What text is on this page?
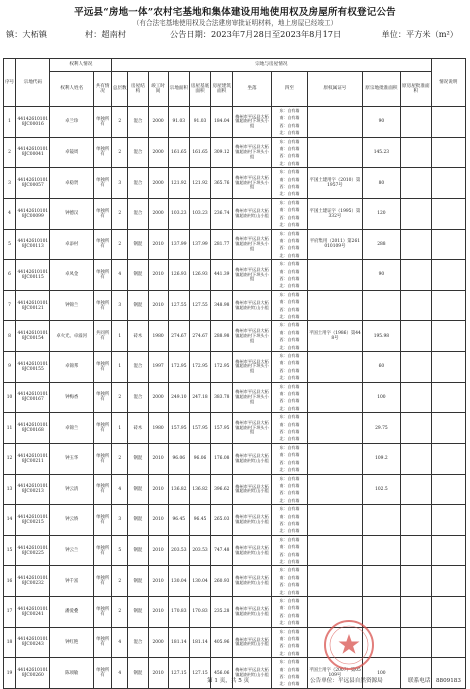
平远县“房地一体”农村宅基地和集体建设用地使用权及房屋所有权登记公告
（有合法宅基地使用权及合法建房审批证明材料，地上房屋已经竣工）
镇：大柘镇	村：超南村	公告日期：2023年7月28日至2023年8月17日	单位：平方米（m²）
序号	宗地代码	权利人情况		宗地与房屋情况											情况说明
		权利人姓名	共有情况	总层数	房屋结构	竣工时间	宗地面积	房屋基底面积	房屋建筑面积	坐落	四至	原权属证号	原宗地批准面积	原房屋批准面积	
1	441426101018JC00016	卓兰珍	单独所有	2	混合	2000	91.03	91.03	184.04	梅州市平远县大柘镇超南村下坝头小组	东：自有墙
南：自有墙
西：自有墙
北：自有墙		90		
2	441426101018JC00041	卓镜周	单独所有	2	混合	2000	161.65	161.65	309.12	梅州市平远县大柘镇超南村下坝头小组	东：自有墙
南：自有墙
西：自有墙
北：自有墙		145.23		
3	441426101018JC00057	卓稳贤	单独所有	3	混合	2000	121.92	121.92	365.76	梅州市平远县大柘镇超南村下坝头小组	东：自有墙
南：自有墙
西：自有墙
北：自有墙	平国土建用字（2010）第1957号	80		
4	441426101018JC00099	钟德汉	单独所有	2	混合	2000	103.23	103.23	236.74	梅州市平远县大柘镇超南村红山小组	东：自有墙
南：自有墙
西：自有墙
北：自有墙	平国土建证字（1995）第332号	120		
5	441426101018JC00113	卓添村	单独所有	2	钢混	2010	137.99	137.99	281.77	梅州市平远县大柘镇超南村下坝头小组	东：自有墙
南：自有墙
西：自有墙
北：自有墙	平府集用（2011）第261010109号	288		
6	441426101018JC00115	卓凤金	单独所有	4	钢混	2010	126.93	126.93	441.39	梅州市平远县大柘镇超南村下坝头小组	东：自有墙
南：自有墙
西：自有墙
北：自有墙		90		
7	441426101018JC00121	钟锦兰	单独所有	3	钢混	2010	127.55	127.55	348.98	梅州市平远县大柘镇超南村红山小组	东：自有墙
南：自有墙
西：自有墙
北：自有墙				

8	441426101018JC00154	卓火光、卓溢河	共同所有	1	砖木	1980	274.67	274.67	288.98	梅州市平远县大柘镇超南村下坝头小组	东：自有墙
南：自有墙
西：自有墙
北：自有墙	平国土用字（1986）第448号	195.98		
9	441426101018JC00155	卓锦邦	单独所有	1	混合	1997	172.95	172.95	172.95	梅州市平远县大柘镇超南村下坝头小组	东：自有墙
南：自有墙
西：自有墙
北：自有墙		60		
10	441426101018JC00167	钟梅香	单独所有	2	混合	2000	249.10	247.18	383.78	梅州市平远县大柘镇超南村下坝头小组	东：自有墙
南：自有墙
西：自有墙
北：自有墙		100		
11	441426101018JC00168	卓锦兰	单独所有	1	砖木	1980	157.95	157.95	157.95	梅州市平远县大柘镇超南村下坝头小组	东：自有墙
南：自有墙
西：自有墙
北：自有墙		29.75		
12	441426101018JC00211	钟玉华	单独所有	2	钢混	2010	96.06	96.06	176.08	梅州市平远县大柘镇超南村红山小组	东：自有墙
南：自有墙
西：自有墙
北：自有墙		109.2		
13	441426101018JC00213	钟云清	单独所有	4	钢混	2010	136.82	136.82	396.62	梅州市平远县大柘镇超南村红山小组	东：自有墙
南：自有墙
西：自有墙
北：自有墙		102.5		
14	441426101018JC00215	钟云娇	单独所有	3	钢混	2010	96.45	96.45	265.03	梅州市平远县大柘镇超南村红山小组	东：自有墙
南：自有墙
西：自有墙
北：自有墙				

15	441426101018JC00225	钟云兰	单独所有	5	钢混	2010	203.53	203.53	747.48	梅州市平远县大柘镇超南村红山小组	东：自有墙
南：自有墙
西：自有墙
北：自有墙				

16	441426101018JC00232	钟千富	单独所有	2	钢混	2010	130.04	130.04	260.93	梅州市平远县大柘镇超南村红山小组	东：自有墙
南：自有墙
西：自有墙
北：自有墙				

17	441426101018JC00241	潘爱叠	单独所有	2	钢混	2010	170.83	170.83	235.28	梅州市平远县大柘镇超南村红山小组	东：自有墙
南：自有墙
西：自有墙
北：自有墙				

18	441426101018JC00243	钟红艳	单独所有	4	混合	2000	181.14	181.14	405.96	梅州市平远县大柘镇超南村红山小组	东：自有墙
南：自有墙
西：自有墙
北：自有墙				

19	441426101018JC00260	陈项敏	单独所有	4	钢混	2010	127.15	127.15	456.06	梅州市平远县大柘镇超南村红山小组	东：自有墙
南：自有墙
西：自有墙
北：自有墙	平国土用字（2007）第05109号	100		
第 1 页，共 5 页	公告单位：平远县自然资源局	联系电话：8809183
